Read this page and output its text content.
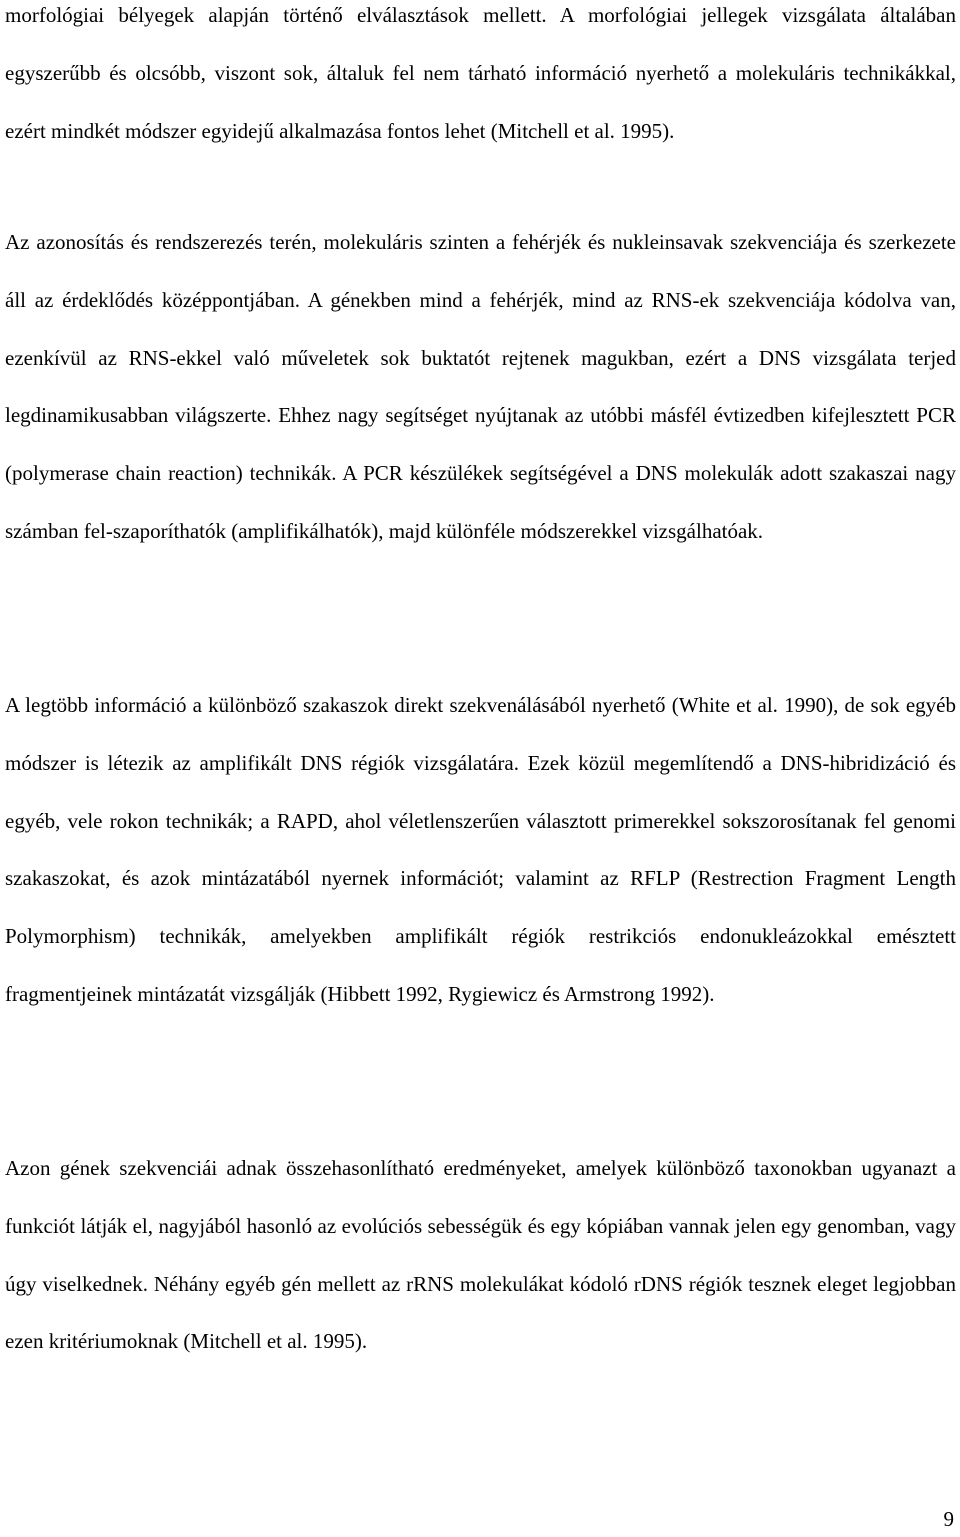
morfológiai bélyegek alapján történő elválasztások mellett. A morfológiai jellegek vizsgálata általában egyszerűbb és olcsóbb, viszont sok, általuk fel nem tárható információ nyerhető a molekuláris technikákkal, ezért mindkét módszer egyidejű alkalmazása fontos lehet (Mitchell et al. 1995).

Az azonosítás és rendszerezés terén, molekuláris szinten a fehérjék és nukleinsavak szekvenciája és szerkezete áll az érdeklődés középpontjában. A génekben mind a fehérjék, mind az RNS-ek szekvenciája kódolva van, ezenkívül az RNS-ekkel való műveletek sok buktatót rejtenek magukban, ezért a DNS vizsgálata terjed legdinamikusabban világszerte. Ehhez nagy segítséget nyújtanak az utóbbi másfél évtizedben kifejlesztett PCR (polymerase chain reaction) technikák. A PCR készülékek segítségével a DNS molekulák adott szakaszai nagy számban fel-szaporíthatók (amplifikálhatók), majd különféle módszerekkel vizsgálhatóak.

A legtöbb információ a különböző szakaszok direkt szekvenálásából nyerhető (White et al. 1990), de sok egyéb módszer is létezik az amplifikált DNS régiók vizsgálatára. Ezek közül megemlítendő a DNS-hibridizáció és egyéb, vele rokon technikák; a RAPD, ahol véletlenszerűen választott primerekkel sokszorosítanak fel genomi szakaszokat, és azok mintázatából nyernek információt; valamint az RFLP (Restrection Fragment Length Polymorphism) technikák, amelyekben amplifikált régiók restrikciós endonukleázokkal emésztett fragmentjeinek mintázatát vizsgálják (Hibbett 1992, Rygiewicz és Armstrong 1992).

Azon gének szekvenciái adnak összehasonlítható eredményeket, amelyek különböző taxonokban ugyanazt a funkciót látják el, nagyjából hasonló az evolúciós sebességük és egy kópiában vannak jelen egy genomban, vagy úgy viselkednek. Néhány egyéb gén mellett az rRNS molekulákat kódoló rDNS régiók tesznek eleget legjobban ezen kritériumoknak (Mitchell et al. 1995).

9
